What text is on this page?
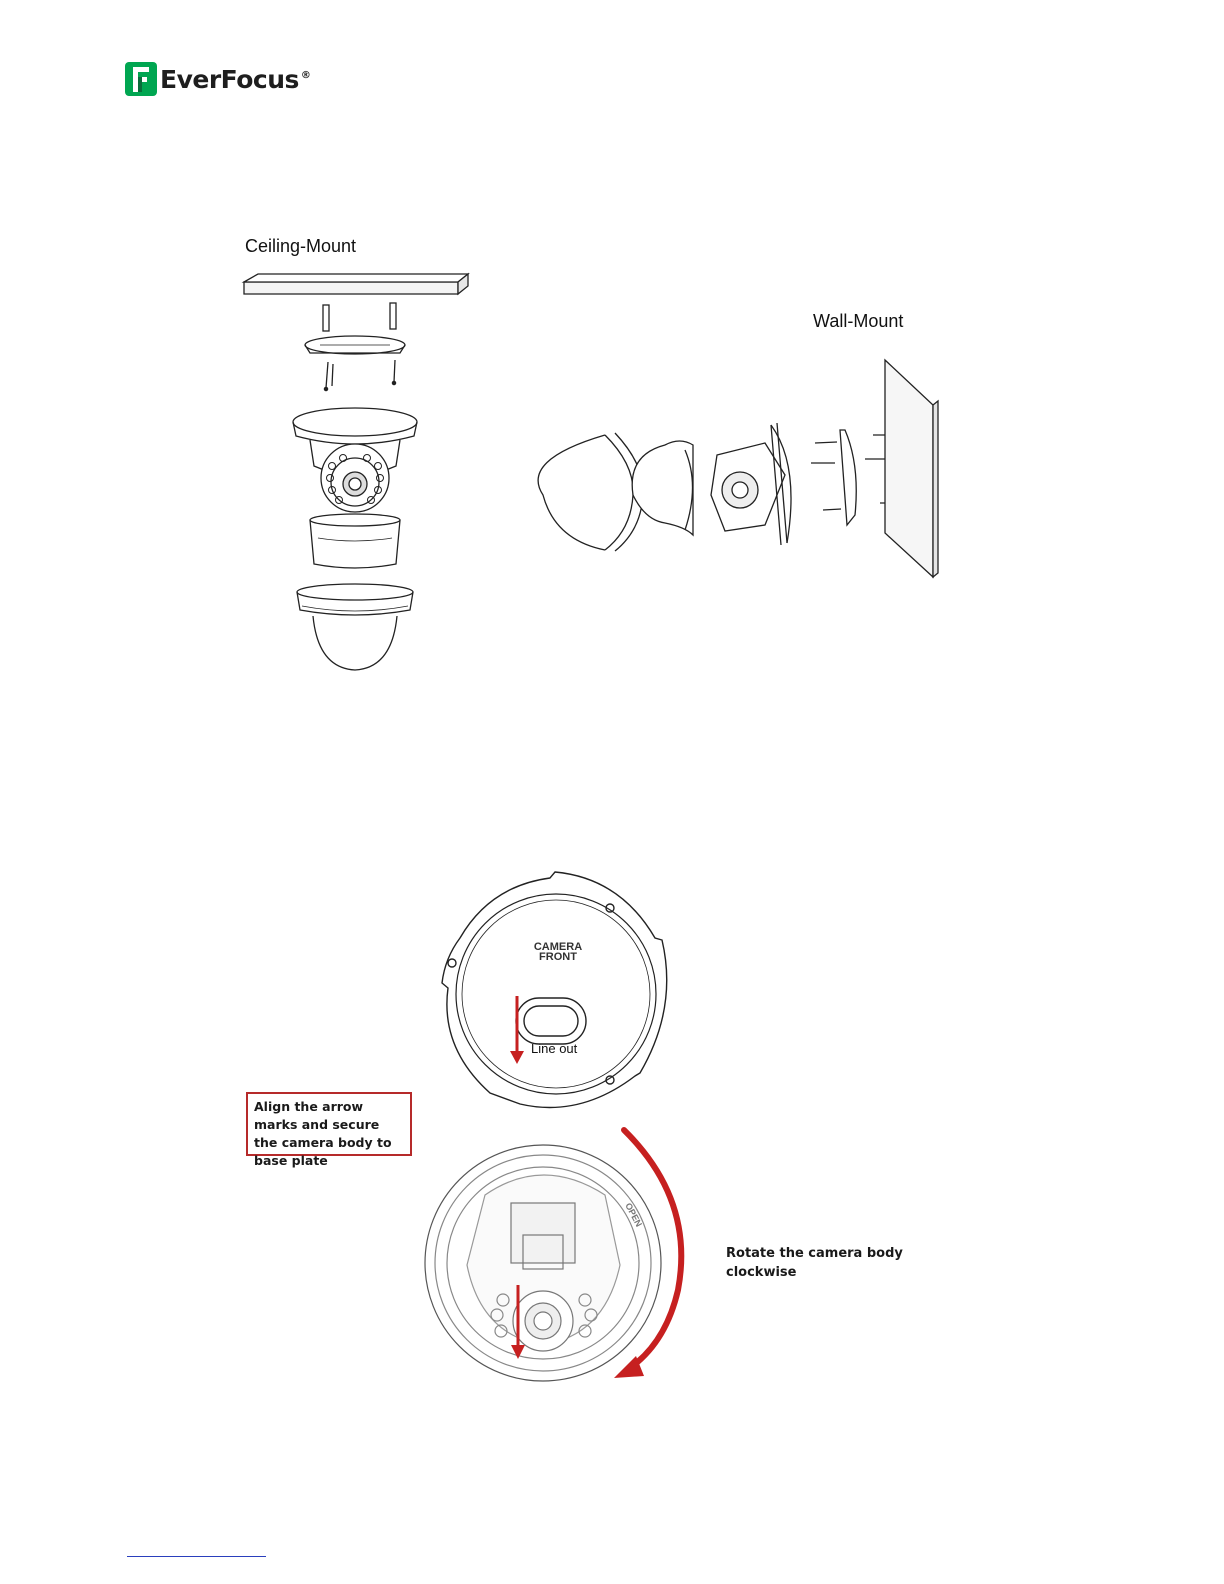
EverFocus ®
Ceiling-Mount
Wall-Mount
CAMERA
FRONT
Line out
Align the arrow marks and secure the camera body to base plate
OPEN
Rotate the camera body clockwise
